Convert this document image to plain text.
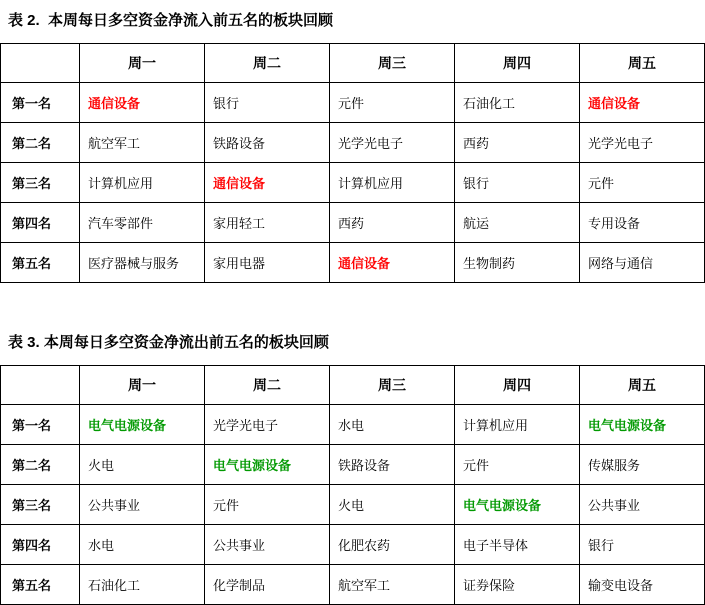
表 2.  本周每日多空资金净流入前五名的板块回顾
	周一	周二	周三	周四	周五
第一名	通信设备	银行	元件	石油化工	通信设备
第二名	航空军工	铁路设备	光学光电子	西药	光学光电子
第三名	计算机应用	通信设备	计算机应用	银行	元件
第四名	汽车零部件	家用轻工	西药	航运	专用设备
第五名	医疗器械与服务	家用电器	通信设备	生物制药	网络与通信
表 3. 本周每日多空资金净流出前五名的板块回顾
	周一	周二	周三	周四	周五
第一名	电气电源设备	光学光电子	水电	计算机应用	电气电源设备
第二名	火电	电气电源设备	铁路设备	元件	传媒服务
第三名	公共事业	元件	火电	电气电源设备	公共事业
第四名	水电	公共事业	化肥农药	电子半导体	银行
第五名	石油化工	化学制品	航空军工	证券保险	输变电设备
